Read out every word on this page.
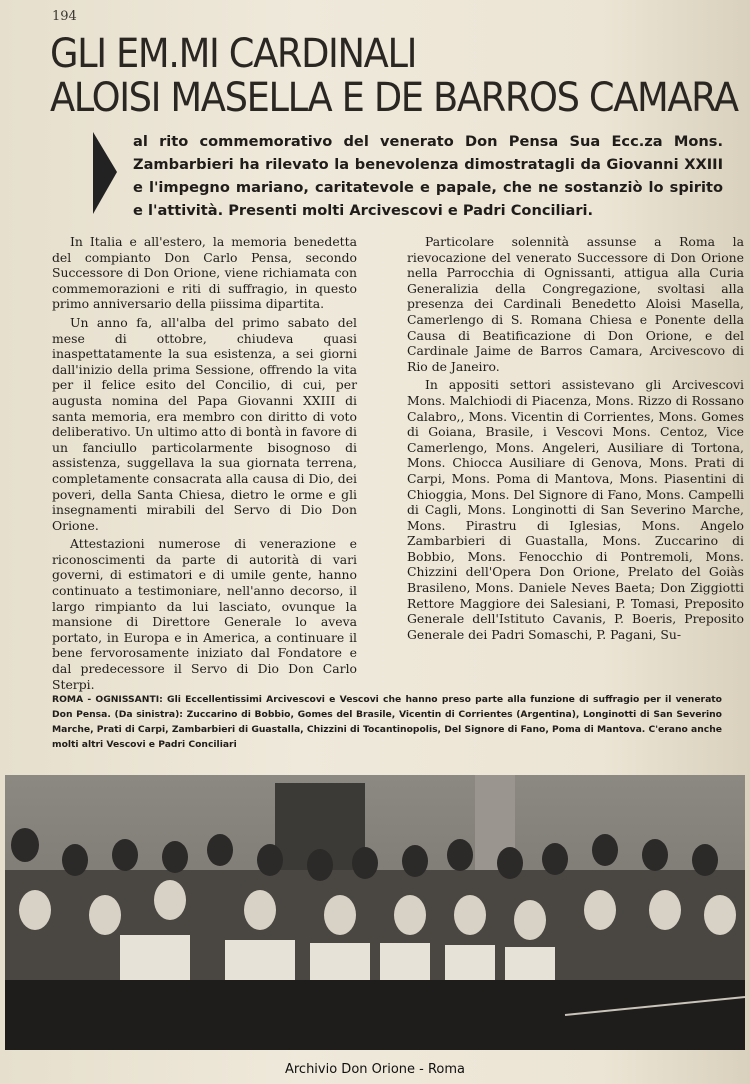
194
GLI EM.MI CARDINALI
ALOISI MASELLA E DE BARROS CAMARA
al rito commemorativo del venerato Don Pensa Sua Ecc.za Mons. Zambarbieri ha rilevato la benevolenza dimostratagli da Giovanni XXIII e l'impegno mariano, caritatevole e papale, che ne sostanziò lo spirito e l'attività. Presenti molti Arcivescovi e Padri Conciliari.

In Italia e all'estero, la memoria benedetta del compianto Don Carlo Pensa, secondo Successore di Don Orione, viene richiamata con commemorazioni e riti di suffragio, in questo primo anniversario della piissima dipartita.

Un anno fa, all'alba del primo sabato del mese di ottobre, chiudeva quasi inaspettatamente la sua esistenza, a sei giorni dall'inizio della prima Sessione, offrendo la vita per il felice esito del Concilio, di cui, per augusta nomina del Papa Giovanni XXIII di santa memoria, era membro con diritto di voto deliberativo. Un ultimo atto di bontà in favore di un fanciullo particolarmente bisognoso di assistenza, suggellava la sua giornata terrena, completamente consacrata alla causa di Dio, dei poveri, della Santa Chiesa, dietro le orme e gli insegnamenti mirabili del Servo di Dio Don Orione.

Attestazioni numerose di venerazione e riconoscimenti da parte di autorità di vari governi, di estimatori e di umile gente, hanno continuato a testimoniare, nell'anno decorso, il largo rimpianto da lui lasciato, ovunque la mansione di Direttore Generale lo aveva portato, in Europa e in America, a continuare il bene fervorosamente iniziato dal Fondatore e dal predecessore il Servo di Dio Don Carlo Sterpi.

Particolare solennità assunse a Roma la rievocazione del venerato Successore di Don Orione nella Parrocchia di Ognissanti, attigua alla Curia Generalizia della Congregazione, svoltasi alla presenza dei Cardinali Benedetto Aloisi Masella, Camerlengo di S. Romana Chiesa e Ponente della Causa di Beatificazione di Don Orione, e del Cardinale Jaime de Barros Camara, Arcivescovo di Rio de Janeiro.

In appositi settori assistevano gli Arcivescovi Mons. Malchiodi di Piacenza, Mons. Rizzo di Rossano Calabro,, Mons. Vicentin di Corrientes, Mons. Gomes di Goiana, Brasile, i Vescovi Mons. Centoz, Vice Camerlengo, Mons. Angeleri, Ausiliare di Tortona, Mons. Chiocca Ausiliare di Genova, Mons. Prati di Carpi, Mons. Poma di Mantova, Mons. Piasentini di Chioggia, Mons. Del Signore di Fano, Mons. Campelli di Cagli, Mons. Longinotti di San Severino Marche, Mons. Pirastru di Iglesias, Mons. Angelo Zambarbieri di Guastalla, Mons. Zuccarino di Bobbio, Mons. Fenocchio di Pontremoli, Mons. Chizzini dell'Opera Don Orione, Prelato del Goiàs Brasileno, Mons. Daniele Neves Baeta; Don Ziggiotti Rettore Maggiore dei Salesiani, P. Tomasi, Preposito Generale dell'Istituto Cavanis, P. Boeris, Preposito Generale dei Padri Somaschi, P. Pagani, Su-

ROMA - OGNISSANTI: Gli Eccellentissimi Arcivescovi e Vescovi che hanno preso parte alla funzione di suffragio per il venerato Don Pensa. (Da sinistra): Zuccarino di Bobbio, Gomes del Brasile, Vicentin di Corrientes (Argentina), Longinotti di San Severino Marche, Prati di Carpi, Zambarbieri di Guastalla, Chizzini di Tocantinopolis, Del Signore di Fano, Poma di Mantova. C'erano anche molti altri Vescovi e Padri Conciliari
Archivio Don Orione - Roma
